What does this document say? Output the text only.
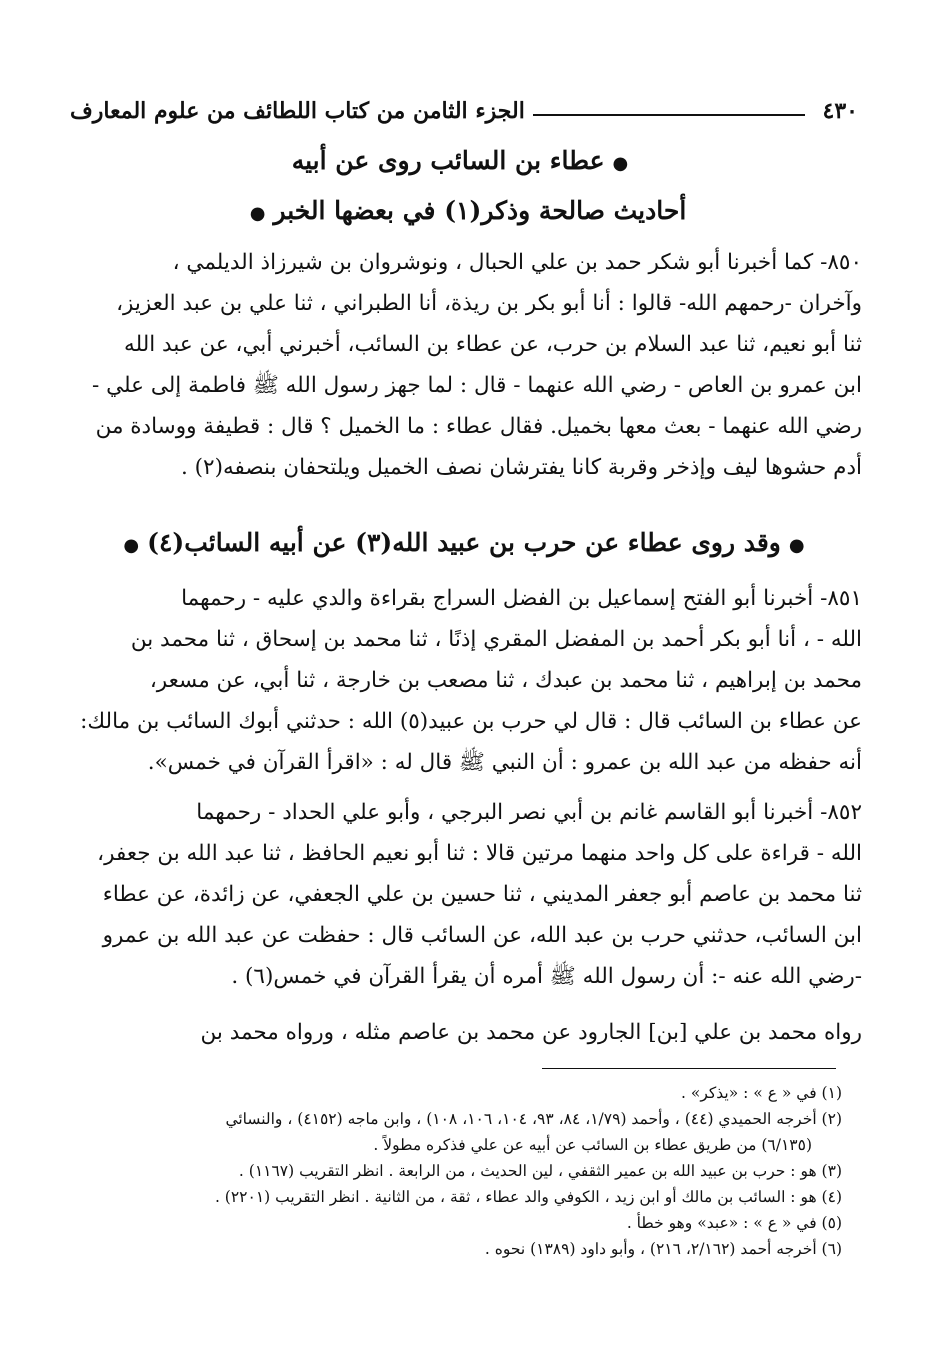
٤٣٠
الجزء الثامن من كتاب اللطائف من علوم المعارف
●عطاء بن السائب روى عن أبيه
أحاديث صالحة وذكر(١) في بعضها الخبر●
٨٥٠- كما أخبرنا أبو شكر حمد بن علي الحبال ، ونوشروان بن شيرزاذ الديلمي ،
وآخران -رحمهم الله- قالوا : أنا أبو بكر بن ريذة، أنا الطبراني ، ثنا علي بن عبد العزيز،
ثنا أبو نعيم، ثنا عبد السلام بن حرب، عن عطاء بن السائب، أخبرني أبي، عن عبد الله
ابن عمرو بن العاص - رضي الله عنهما - قال : لما جهز رسول الله ﷺ فاطمة إلى علي -
رضي الله عنهما - بعث معها بخميل. فقال عطاء : ما الخميل ؟ قال : قطيفة ووسادة من
أدم حشوها ليف وإذخر وقربة كانا يفترشان نصف الخميل ويلتحفان بنصفه(٢) .
●وقد روى عطاء عن حرب بن عبيد الله(٣) عن أبيه السائب(٤)●
٨٥١- أخبرنا أبو الفتح إسماعيل بن الفضل السراج بقراءة والدي عليه - رحمهما
الله - ، أنا أبو بكر أحمد بن المفضل المقري إذنًا ، ثنا محمد بن إسحاق ، ثنا محمد بن
محمد بن إبراهيم ، ثنا محمد بن عبدك ، ثنا مصعب بن خارجة ، ثنا أبي، عن مسعر،
عن عطاء بن السائب قال : قال لي حرب بن عبيد(٥) الله : حدثني أبوك السائب بن مالك:
أنه حفظه من عبد الله بن عمرو : أن النبي ﷺ قال له : «اقرأ القرآن في خمس».
٨٥٢- أخبرنا أبو القاسم غانم بن أبي نصر البرجي ، وأبو علي الحداد - رحمهما
الله - قراءة على كل واحد منهما مرتين قالا : ثنا أبو نعيم الحافظ ، ثنا عبد الله بن جعفر،
ثنا محمد بن عاصم أبو جعفر المديني ، ثنا حسين بن علي الجعفي، عن زائدة، عن عطاء
ابن السائب، حدثني حرب بن عبد الله، عن السائب قال : حفظت عن عبد الله بن عمرو
-رضي الله عنه -: أن رسول الله ﷺ أمره أن يقرأ القرآن في خمس(٦) .
رواه محمد بن علي [بن] الجارود عن محمد بن عاصم مثله ، ورواه محمد بن
(١) في « ع » : «يذكر» .
(٢) أخرجه الحميدي (٤٤) ، وأحمد (١/٧٩، ٨٤، ٩٣، ١٠٤، ١٠٦، ١٠٨) ، وابن ماجه (٤١٥٢) ، والنسائي
(٦/١٣٥) من طريق عطاء بن السائب عن أبيه عن علي فذكره مطولاً .
(٣) هو : حرب بن عبيد الله بن عمير الثقفي ، لين الحديث ، من الرابعة . انظر التقريب (١١٦٧) .
(٤) هو : السائب بن مالك أو ابن زيد ، الكوفي والد عطاء ، ثقة ، من الثانية . انظر التقريب (٢٢٠١) .
(٥) في « ع » : «عبد» وهو خطأ .
(٦) أخرجه أحمد (٢/١٦٢، ٢١٦) ، وأبو داود (١٣٨٩) نحوه .
